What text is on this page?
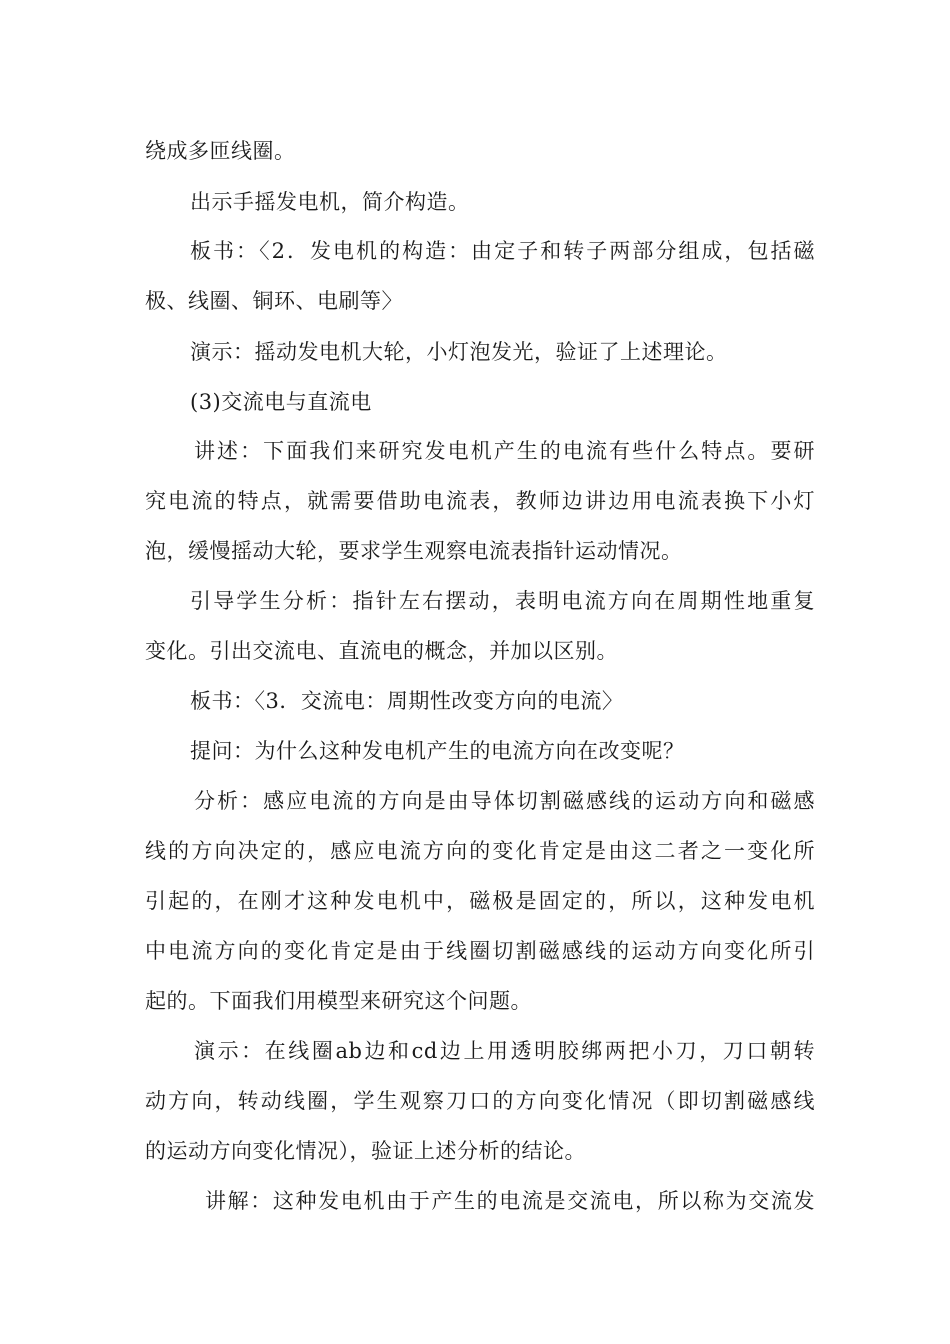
绕成多匝线圈。
出示手摇发电机，简介构造。
板书：〈2．发电机的构造：由定子和转子两部分组成，包括磁
极、线圈、铜环、电刷等〉
演示：摇动发电机大轮，小灯泡发光，验证了上述理论。
(3)交流电与直流电
讲述：下面我们来研究发电机产生的电流有些什么特点。要研
究电流的特点，就需要借助电流表，教师边讲边用电流表换下小灯
泡，缓慢摇动大轮，要求学生观察电流表指针运动情况。
引导学生分析：指针左右摆动，表明电流方向在周期性地重复
变化。引出交流电、直流电的概念，并加以区别。
板书：〈3．交流电：周期性改变方向的电流〉
提问：为什么这种发电机产生的电流方向在改变呢？
分析：感应电流的方向是由导体切割磁感线的运动方向和磁感
线的方向决定的，感应电流方向的变化肯定是由这二者之一变化所
引起的，在刚才这种发电机中，磁极是固定的，所以，这种发电机
中电流方向的变化肯定是由于线圈切割磁感线的运动方向变化所引
起的。下面我们用模型来研究这个问题。
演示：在线圈ab边和cd边上用透明胶绑两把小刀，刀口朝转
动方向，转动线圈，学生观察刀口的方向变化情况（即切割磁感线
的运动方向变化情况），验证上述分析的结论。
讲解：这种发电机由于产生的电流是交流电，所以称为交流发
